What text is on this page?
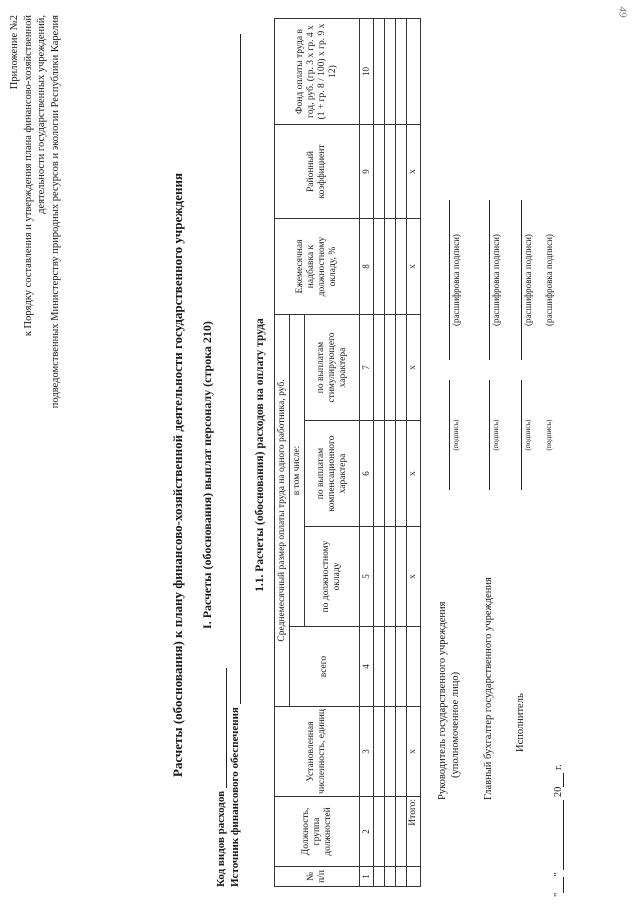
49
Приложение №2 к Порядку составления и утверждения плана финансово-хозяйственной деятельности государственных учреждений, подведомственных Министерству природных ресурсов и экологии Республики Карелия	Расчеты (обоснования) к плану финансово-хозяйственной деятельности государственного учреждения I. Расчеты (обоснования) выплат персоналу (строка 210)
Код видов расходов Источник финансового обеспечения
1.1. Расчеты (обоснования) расходов на оплату труда
№ п/п	Должность, группа должностей	Установленная численность, единиц	Среднемесячный размер оплаты труда на одного работника, руб.				Ежемесячная надбавка к должностному окладу, %	Районный коэффициент	Фонд оплаты труда в год, руб. (гр. 3 х гр. 4 х (1 + гр. 8 / 100) х гр. 9 х 12)
			всего	в том числе:					
				по должностному окладу	по выплатам компенсационного характера	по выплатам стимулирующего характера			
1	2	3	4	5	6	7	8	9	10

	Итого:	х		х	х	х	х	х	
Руководитель государственного учреждения (уполномоченное лицо)
(подпись)
(расшифровка подписи)
Главный бухгалтер государственного учреждения
(подпись)
(расшифровка подписи)
Исполнитель
(подпись)
(расшифровка подписи)
(подпись)
(расшифровка подписи)
""  20 г.
